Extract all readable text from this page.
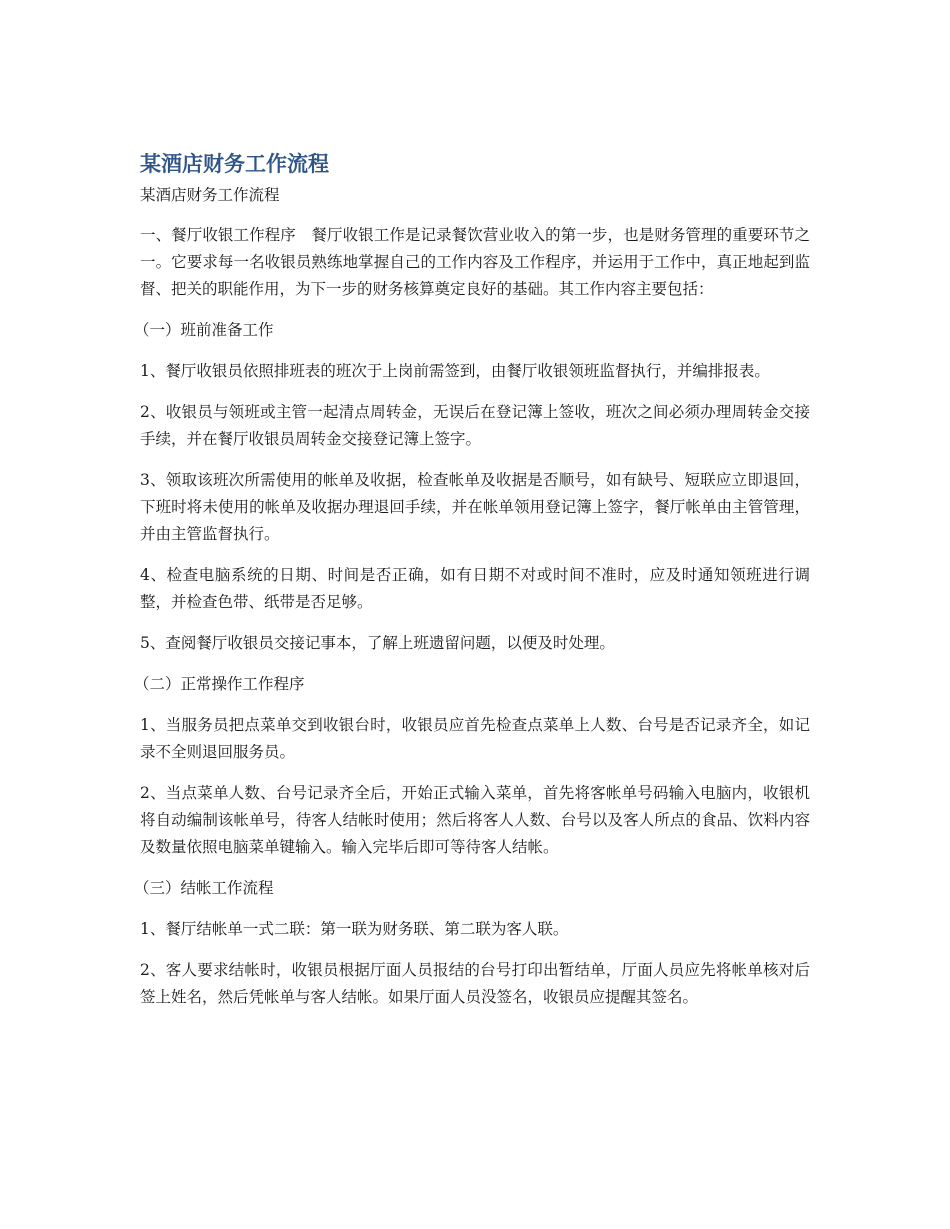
某酒店财务工作流程

某酒店财务工作流程

一、餐厅收银工作程序　餐厅收银工作是记录餐饮营业收入的第一步，也是财务管理的重要环节之一。它要求每一名收银员熟练地掌握自己的工作内容及工作程序，并运用于工作中，真正地起到监督、把关的职能作用，为下一步的财务核算奠定良好的基础。其工作内容主要包括：

（一）班前准备工作

1、餐厅收银员依照排班表的班次于上岗前需签到，由餐厅收银领班监督执行，并编排报表。

2、收银员与领班或主管一起清点周转金，无误后在登记簿上签收，班次之间必须办理周转金交接手续，并在餐厅收银员周转金交接登记簿上签字。

3、领取该班次所需使用的帐单及收据，检查帐单及收据是否顺号，如有缺号、短联应立即退回，下班时将未使用的帐单及收据办理退回手续，并在帐单领用登记簿上签字，餐厅帐单由主管管理，并由主管监督执行。

4、检查电脑系统的日期、时间是否正确，如有日期不对或时间不准时，应及时通知领班进行调整，并检查色带、纸带是否足够。

5、查阅餐厅收银员交接记事本，了解上班遗留问题，以便及时处理。

（二）正常操作工作程序

1、当服务员把点菜单交到收银台时，收银员应首先检查点菜单上人数、台号是否记录齐全，如记录不全则退回服务员。

2、当点菜单人数、台号记录齐全后，开始正式输入菜单，首先将客帐单号码输入电脑内，收银机将自动编制该帐单号，待客人结帐时使用；然后将客人人数、台号以及客人所点的食品、饮料内容及数量依照电脑菜单键输入。输入完毕后即可等待客人结帐。

（三）结帐工作流程

1、餐厅结帐单一式二联：第一联为财务联、第二联为客人联。

2、客人要求结帐时，收银员根据厅面人员报结的台号打印出暂结单，厅面人员应先将帐单核对后签上姓名，然后凭帐单与客人结帐。如果厅面人员没签名，收银员应提醒其签名。
